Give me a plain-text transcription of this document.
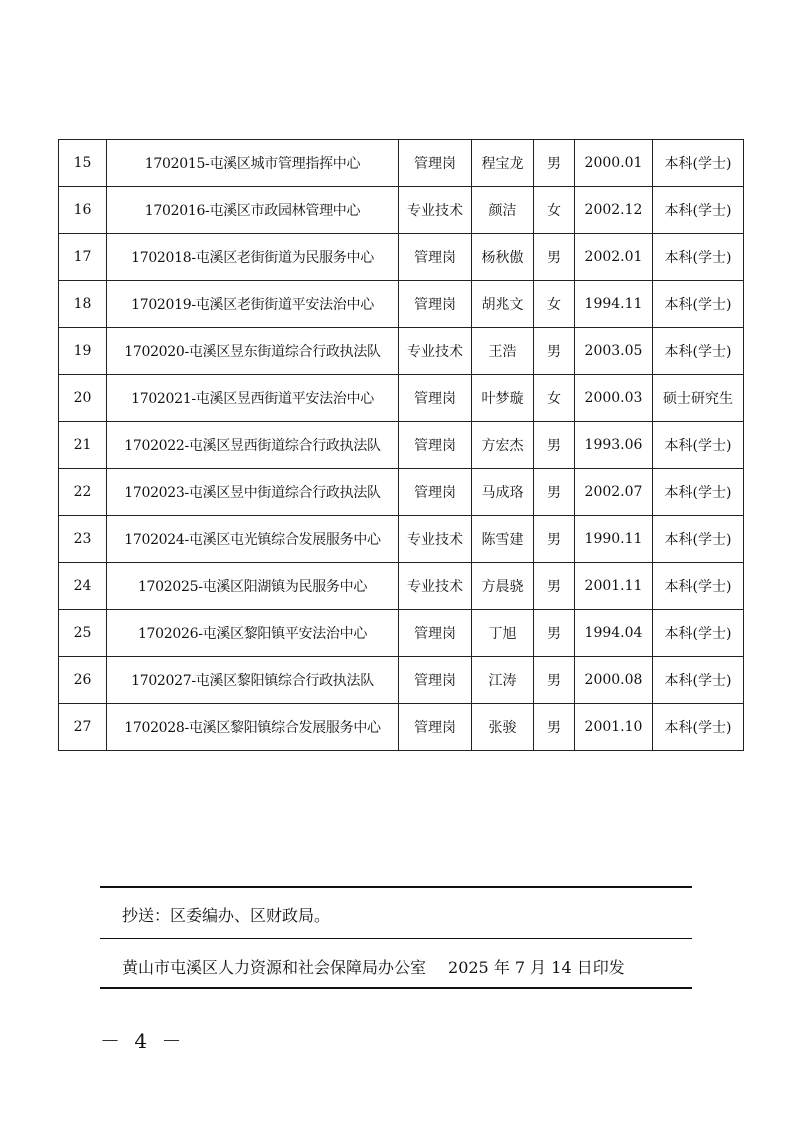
15	1702015-屯溪区城市管理指挥中心	管理岗	程宝龙	男	2000.01	本科(学士)
16	1702016-屯溪区市政园林管理中心	专业技术	颜洁	女	2002.12	本科(学士)
17	1702018-屯溪区老街街道为民服务中心	管理岗	杨秋傲	男	2002.01	本科(学士)
18	1702019-屯溪区老街街道平安法治中心	管理岗	胡兆文	女	1994.11	本科(学士)
19	1702020-屯溪区昱东街道综合行政执法队	专业技术	王浩	男	2003.05	本科(学士)
20	1702021-屯溪区昱西街道平安法治中心	管理岗	叶梦璇	女	2000.03	硕士研究生
21	1702022-屯溪区昱西街道综合行政执法队	管理岗	方宏杰	男	1993.06	本科(学士)
22	1702023-屯溪区昱中街道综合行政执法队	管理岗	马成珞	男	2002.07	本科(学士)
23	1702024-屯溪区屯光镇综合发展服务中心	专业技术	陈雪建	男	1990.11	本科(学士)
24	1702025-屯溪区阳湖镇为民服务中心	专业技术	方晨骁	男	2001.11	本科(学士)
25	1702026-屯溪区黎阳镇平安法治中心	管理岗	丁旭	男	1994.04	本科(学士)
26	1702027-屯溪区黎阳镇综合行政执法队	管理岗	江涛	男	2000.08	本科(学士)
27	1702028-屯溪区黎阳镇综合发展服务中心	管理岗	张骏	男	2001.10	本科(学士)
抄送：区委编办、区财政局。
黄山市屯溪区人力资源和社会保障局办公室 2025 年 7 月 14 日印发
－ 4 －
